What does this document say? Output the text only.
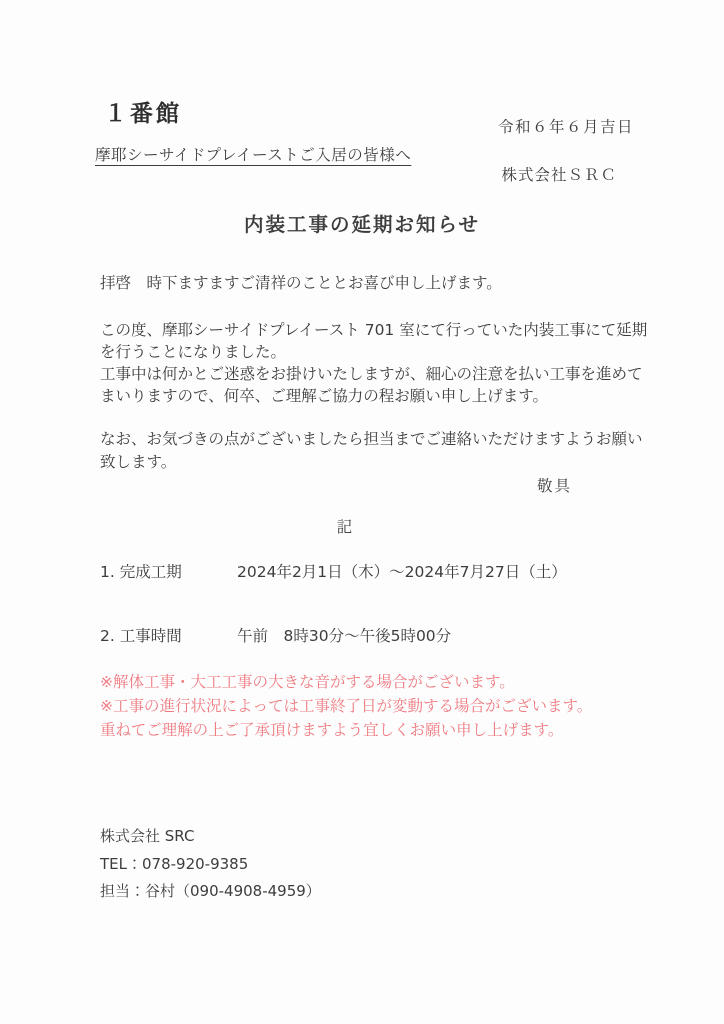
１番館	令和６年６月吉日
摩耶シーサイドプレイーストご入居の皆様へ
株式会社ＳＲＣ
内装工事の延期お知らせ
拝啓　時下ますますご清祥のこととお喜び申し上げます。
この度、摩耶シーサイドプレイースト 701 室にて行っていた内装工事にて延期
を行うことになりました。
工事中は何かとご迷惑をお掛けいたしますが、細心の注意を払い工事を進めて
まいりますので、何卒、ご理解ご協力の程お願い申し上げます。
なお、お気づきの点がございましたら担当までご連絡いただけますようお願い
致します。
敬具
記
1. 完成工期	2024年2月1日（木）～2024年7月27日（土）
2. 工事時間	午前　8時30分～午後5時00分
※解体工事・大工工事の大きな音がする場合がございます。
※工事の進行状況によっては工事終了日が変動する場合がございます。
重ねてご理解の上ご了承頂けますよう宜しくお願い申し上げます。
株式会社 SRC
TEL：078-920-9385
担当：谷村（090-4908-4959）
